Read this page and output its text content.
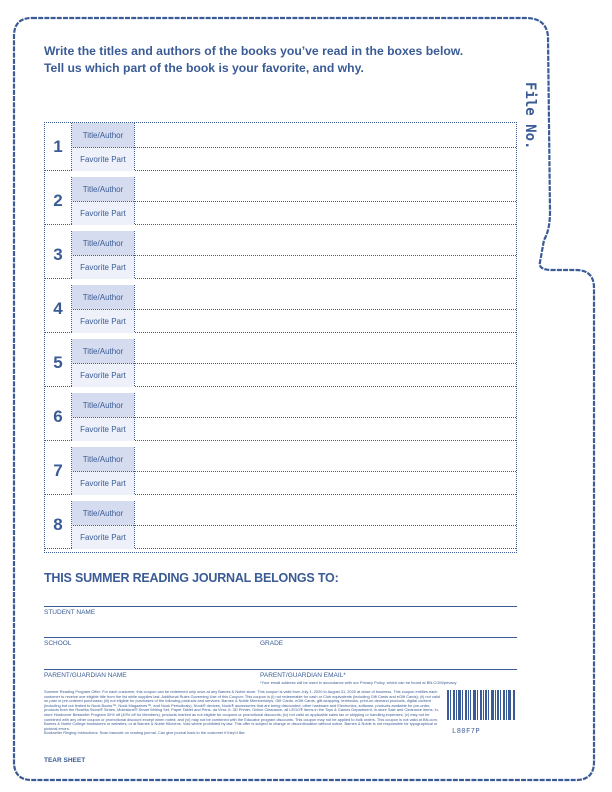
Write the titles and authors of the books you’ve read in the boxes below.
Tell us which part of the book is your favorite, and why.
File No.
1
Title/Author
Favorite Part
2
Title/Author
Favorite Part
3
Title/Author
Favorite Part
4
Title/Author
Favorite Part
5
Title/Author
Favorite Part
6
Title/Author
Favorite Part
7
Title/Author
Favorite Part
8
Title/Author
Favorite Part
THIS SUMMER READING JOURNAL BELONGS TO:
STUDENT NAME
SCHOOL	GRADE
PARENT/GUARDIAN NAME	PARENT/GUARDIAN EMAIL*
*Your email address will be used in accordance with our Privacy Policy, which can be found at BN.COM/privacy

Summer Reading Program Offer: For each customer, this coupon can be redeemed only once at any Barnes & Noble store. This coupon is valid from July 1, 2020 to August 31, 2020 at close of business. This coupon entitles each customer to receive one eligible title from the list while supplies last. Additional Rules Governing Use of this Coupon: This coupon is (i) not redeemable for cash or Club equivalents (including Gift Cards and eGift Cards); (ii) not valid on past or pre-ordered purchases; (iii) not eligible for purchases of the following products and services: Barnes & Noble Memberships, Gift Cards, eGift Cards, gift-wrapping, textbooks, print-on-demand products, digital content (including but not limited to Nook Books™, Nook Magazines™, and Nook Periodicals), Nook® devices, Nook® accessories that are being discounted, other hardware and Electronics, software, products available for pre-order, products from the Rosetta Stone® Series, Moleskine® Smart Writing Set, Paper Tablet and Pens, da Vinci Jr. 3D Printer, Online Clearance, all LEGO® items in the Toys & Games Department, in-store Sale and Clearance items, in-store Hardcover Bestseller Program 30% off (40% off for Members), products marked as not eligible for coupons or promotional discounts; (iv) not valid on applicable sales tax or shipping or handling expenses; (v) may not be combined with any other coupon or promotional discount except when noted; and (vi) may not be combined with the Educator program discounts. This coupon may not be applied to bulk orders. This coupon is not valid at BN.com, Barnes & Noble College bookstores or websites, or at Barnes & Noble Kitchens. Void where prohibited by law. This offer is subject to change or discontinuation without notice. Barnes & Noble is not responsible for typographical or pictorial errors.

Bookseller Ringing Instructions: Scan barcode on reading journal. Can give journal back to the customer if they'd like.	L80F7P
TEAR SHEET
